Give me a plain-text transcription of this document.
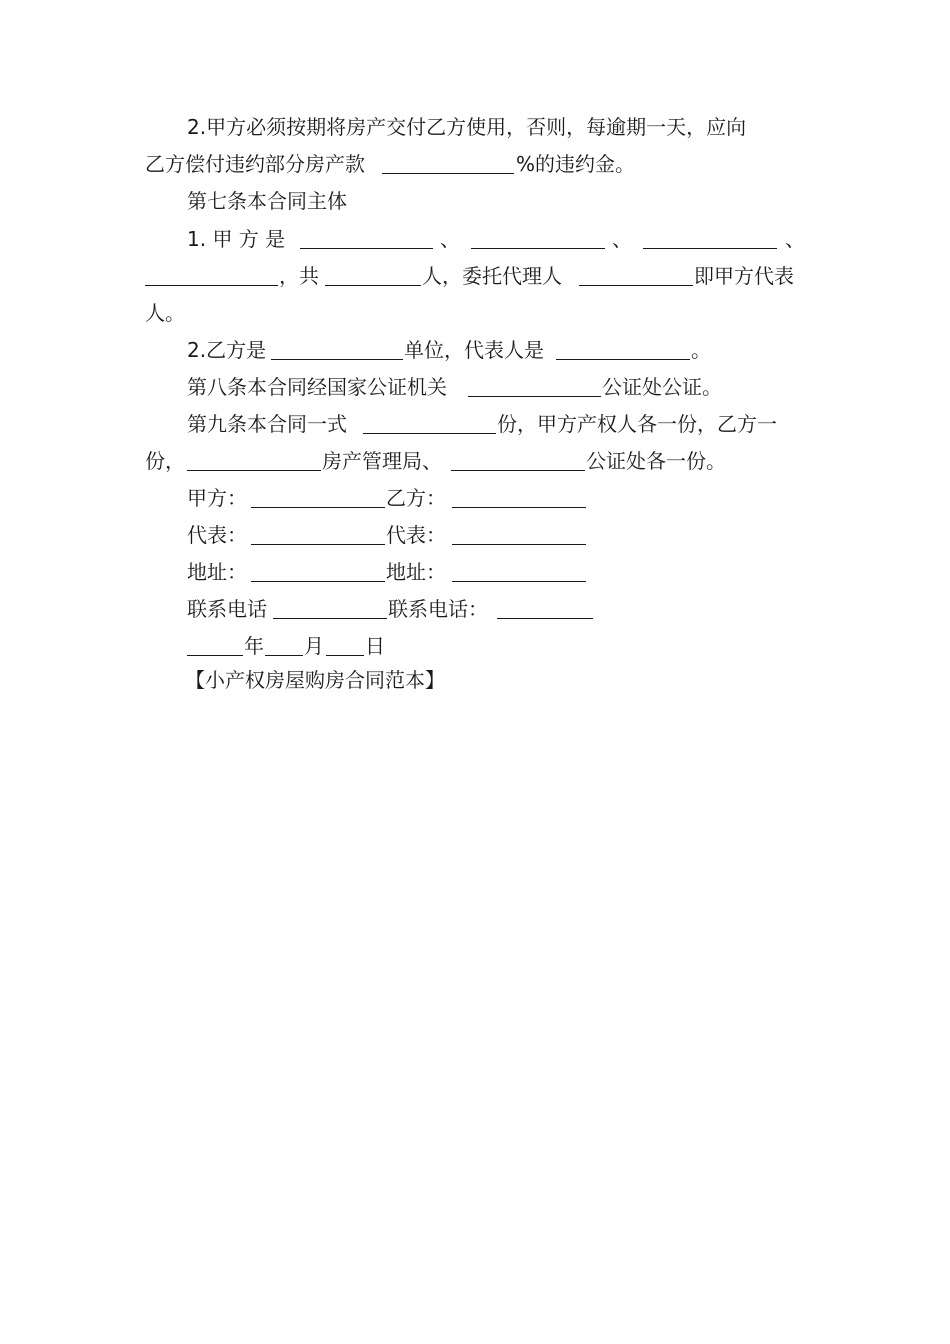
2.甲方必须按期将房产交付乙方使用，否则，每逾期一天，应向
乙方偿付违约部分房产款	%的违约金。
第七条本合同主体
1. 甲 方 是	、	、	、
，共	人，委托代理人	即甲方代表
人。
2.乙方是	单位，代表人是	。
第八条本合同经国家公证机关	公证处公证。
第九条本合同一式	份，甲方产权人各一份，乙方一
份，	房产管理局、	公证处各一份。
甲方：	乙方：
代表：	代表：
地址：	地址：
联系电话	联系电话：
年 月 日
【小产权房屋购房合同范本】
